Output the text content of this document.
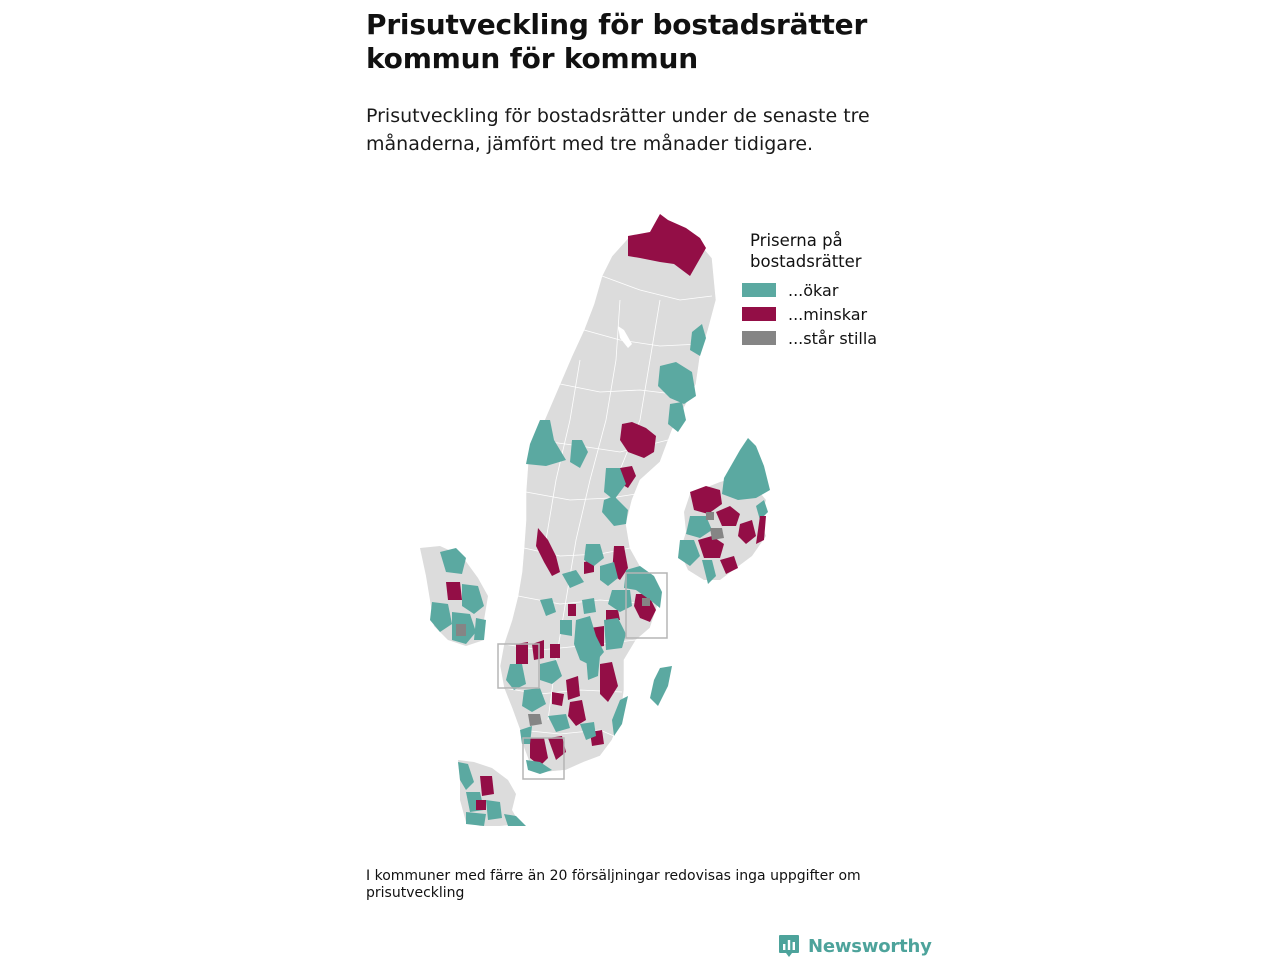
Prisutveckling för bostadsrätter
kommun för kommun

Prisutveckling för bostadsrätter under de senaste tre
månaderna, jämfört med tre månader tidigare.

Priserna på
bostadsrätter
...ökar
...minskar
...står stilla
I kommuner med färre än 20 försäljningar redovisas inga uppgifter om prisutveckling
Newsworthy
